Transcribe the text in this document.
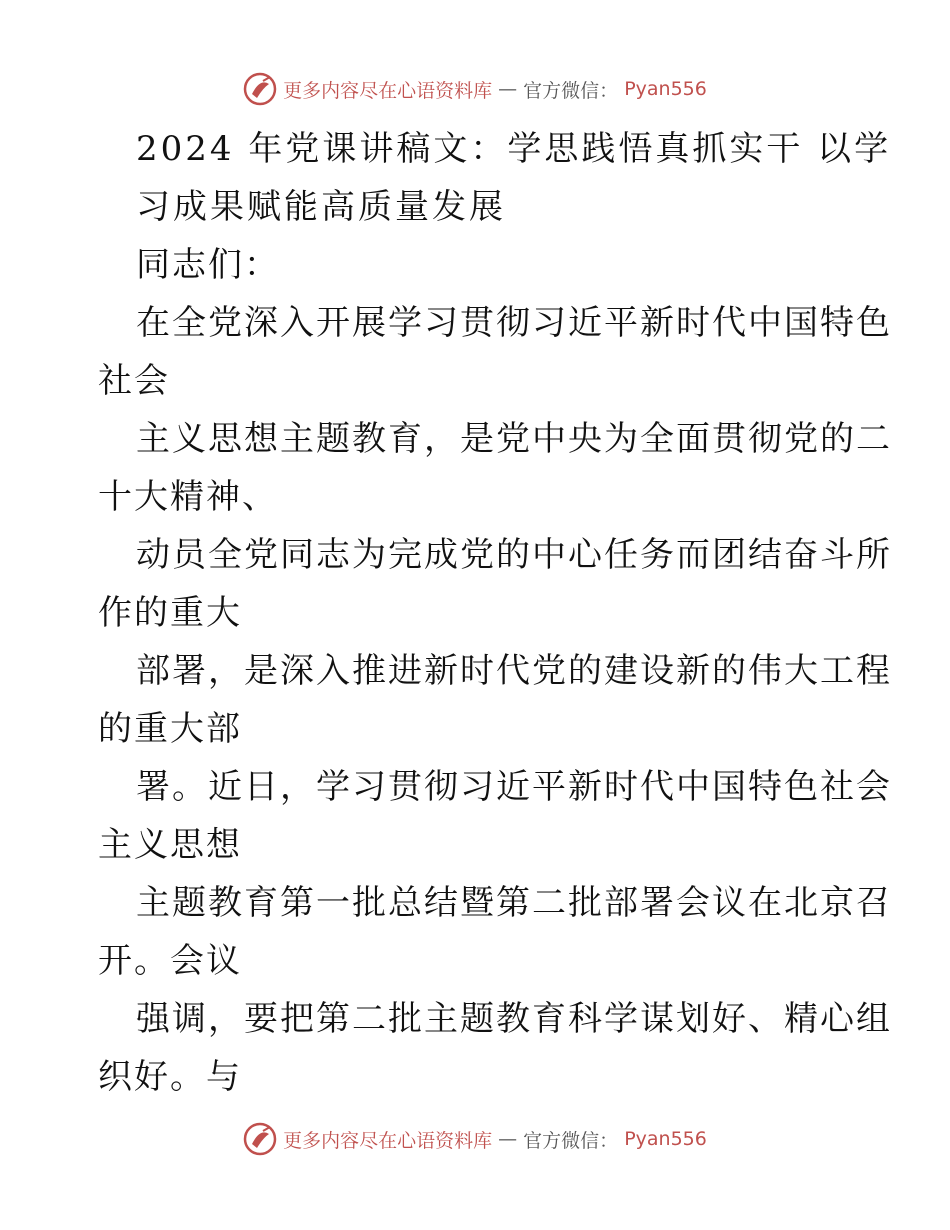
更多内容尽在心语资料库 — 官方微信： Pyan556
2024 年党课讲稿文：学思践悟真抓实干 以学
习成果赋能高质量发展
同志们：
在全党深入开展学习贯彻习近平新时代中国特色
社会
主义思想主题教育，是党中央为全面贯彻党的二
十大精神、
动员全党同志为完成党的中心任务而团结奋斗所
作的重大
部署，是深入推进新时代党的建设新的伟大工程
的重大部
署。近日，学习贯彻习近平新时代中国特色社会
主义思想
主题教育第一批总结暨第二批部署会议在北京召
开。会议
强调，要把第二批主题教育科学谋划好、精心组
织好。与
更多内容尽在心语资料库 — 官方微信： Pyan556
